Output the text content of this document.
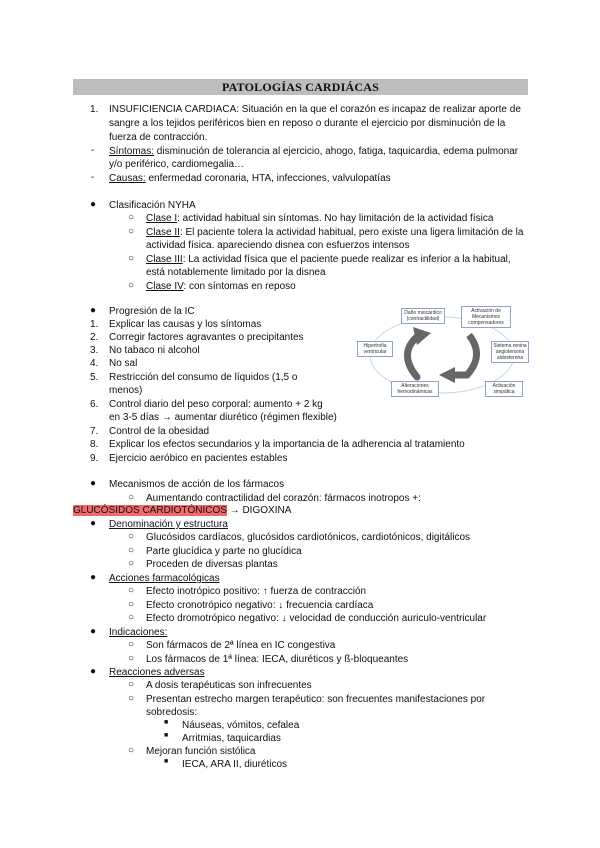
PATOLOGÍAS CARDIÁCAS
1. INSUFICIENCIA CARDIACA: Situación en la que el corazón es incapaz de realizar aporte de
sangre a los tejidos periféricos bien en reposo o durante el ejercicio por disminución de la
fuerza de contracción.
- Síntomas: disminución de tolerancia al ejercicio, ahogo, fatiga, taquicardia, edema pulmonar
y/o periférico, cardiomegalia…
- Causas: enfermedad coronaria, HTA, infecciones, valvulopatías
● Clasificación NYHA
○ Clase I: actividad habitual sin síntomas. No hay limitación de la actividad física
○ Clase II: El paciente tolera la actividad habitual, pero existe una ligera limitación de la
actividad física. apareciendo disnea con esfuerzos intensos
○ Clase III: La actividad física que el paciente puede realizar es inferior a la habitual,
está notablemente limitado por la disnea
○ Clase IV: con síntomas en reposo
● Progresión de la IC
1. Explicar las causas y los síntomas
2. Corregir factores agravantes o precipitantes
3. No tabaco ni alcohol
4. No sal
5. Restricción del consumo de líquidos (1,5 o
menos)
6. Control diario del peso corporal: aumento + 2 kg
en 3-5 días → aumentar diurético (régimen flexible)
7. Control de la obesidad
8. Explicar los efectos secundarios y la importancia de la adherencia al tratamiento
9. Ejercicio aeróbico en pacientes estables
Daño miocárdico (contractilidad)
Activación de Mecanismos compensadores
Hipertrofia ventricular
Sistema renina angiotensina aldosterona
Alteraciones hemodinámicas
Activación simpática
● Mecanismos de acción de los fármacos
○ Aumentando contractilidad del corazón: fármacos inotropos +:
GLUCÓSIDOS CARDIOTÓNICOS → DIGOXINA
● Denominación y estructura
○ Glucósidos cardíacos, glucósidos cardiotónicos, cardiotónicos, digitálicos
○ Parte glucídica y parte no glucídica
○ Proceden de diversas plantas
● Acciones farmacológicas
○ Efecto inotrópico positivo: ↑ fuerza de contracción
○ Efecto cronotrópico negativo: ↓ frecuencia cardíaca
○ Efecto dromotrópico negativo: ↓ velocidad de conducción auriculo-ventricular
● Indicaciones:
○ Son fármacos de 2ª línea en IC congestiva
○ Los fármacos de 1ª línea: IECA, diuréticos y ß-bloqueantes
● Reacciones adversas
○ A dosis terapéuticas son infrecuentes
○ Presentan estrecho margen terapéutico: son frecuentes manifestaciones por
sobredosis:
■ Náuseas, vómitos, cefalea
■ Arritmias, taquicardias
○ Mejoran función sistólica
■ IECA, ARA II, diuréticos
